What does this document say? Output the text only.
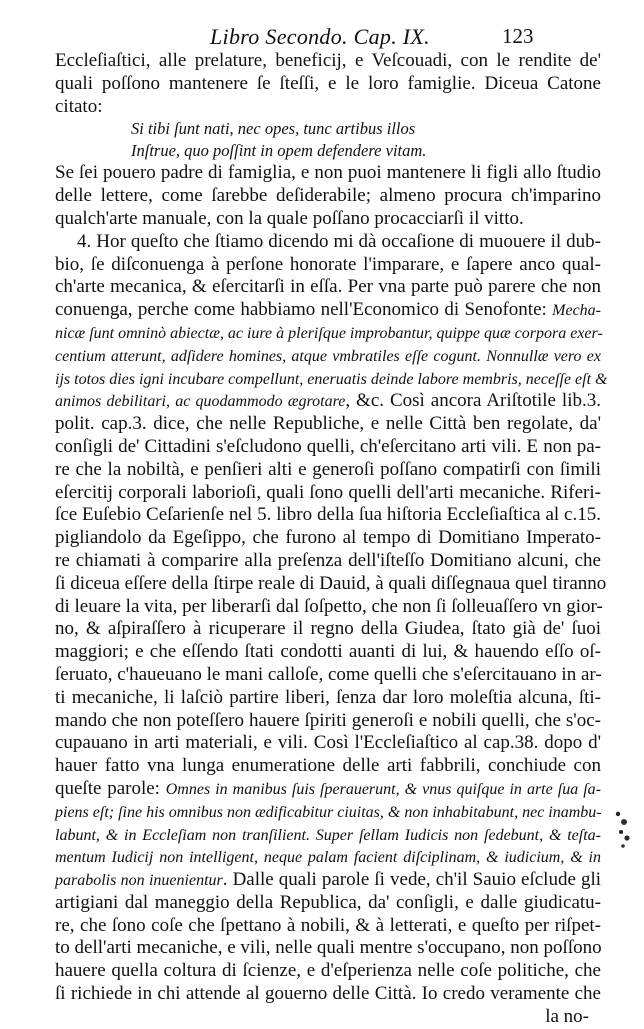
Libro Secondo. Cap. IX.	123
Eccleſiaſtici, alle prelature, beneficij, e Veſcouadi, con le rendite de'
quali poſſono mantenere ſe ſteſſi, e le loro famiglie. Diceua Catone
citato:
Si tibi ſunt nati, nec opes, tunc artibus illos
Inſtrue, quo poſſint in opem defendere vitam.
Se ſei pouero padre di famiglia, e non puoi mantenere li figli allo ſtudio
delle lettere, come ſarebbe deſiderabile; almeno procura ch'imparino
qualch'arte manuale, con la quale poſſano procacciarſi il vitto.
4. Hor queſto che ſtiamo dicendo mi dà occaſione di muouere il dub-
bio, ſe diſconuenga à perſone honorate l'imparare, e ſapere anco qual-
ch'arte mecanica, & eſercitarſi in eſſa. Per vna parte può parere che non
conuenga, perche come habbiamo nell'Economico di Senofonte: Mecha-
nicæ ſunt omninò abiectæ, ac iure à pleriſque improbantur, quippe quæ corpora exer-
centium atterunt, adſidere homines, atque vmbratiles eſſe cogunt. Nonnullæ vero ex
ijs totos dies igni incubare compellunt, eneruatis deinde labore membris, neceſſe eſt &
animos debilitari, ac quodammodo ægrotare, &c. Così ancora Ariſtotile lib.3.
polit. cap.3. dice, che nelle Republiche, e nelle Città ben regolate, da'
conſigli de' Cittadini s'eſcludono quelli, ch'eſercitano arti vili. E non pa-
re che la nobiltà, e penſieri alti e generoſi poſſano compatirſi con ſimili
eſercitij corporali laborioſi, quali ſono quelli dell'arti mecaniche. Riferi-
ſce Euſebio Ceſarienſe nel 5. libro della ſua hiſtoria Eccleſiaſtica al c.15.
pigliandolo da Egeſippo, che furono al tempo di Domitiano Imperato-
re chiamati à comparire alla preſenza dell'iſteſſo Domitiano alcuni, che
ſi diceua eſſere della ſtirpe reale di Dauid, à quali diſſegnaua quel tiranno
di leuare la vita, per liberarſi dal ſoſpetto, che non ſi ſolleuaſſero vn gior-
no, & aſpiraſſero à ricuperare il regno della Giudea, ſtato già de' ſuoi
maggiori; e che eſſendo ſtati condotti auanti di lui, & hauendo eſſo oſ-
ſeruato, c'haueuano le mani calloſe, come quelli che s'eſercitauano in ar-
ti mecaniche, li laſciò partire liberi, ſenza dar loro moleſtia alcuna, ſti-
mando che non poteſſero hauere ſpiriti generoſi e nobili quelli, che s'oc-
cupauano in arti materiali, e vili. Così l'Eccleſiaſtico al cap.38. dopo d'
hauer fatto vna lunga enumeratione delle arti fabbrili, conchiude con
queſte parole: Omnes in manibus ſuis ſperauerunt, & vnus quiſque in arte ſua ſa-
piens eſt; ſine his omnibus non ædificabitur ciuitas, & non inhabitabunt, nec inambu-
labunt, & in Eccleſiam non tranſilient. Super ſellam Iudicis non ſedebunt, & teſta-
mentum Iudicij non intelligent, neque palam facient diſciplinam, & iudicium, & in
parabolis non inuenientur. Dalle quali parole ſi vede, ch'il Sauio eſclude gli
artigiani dal maneggio della Republica, da' conſigli, e dalle giudicatu-
re, che ſono coſe che ſpettano à nobili, & à letterati, e queſto per riſpet-
to dell'arti mecaniche, e vili, nelle quali mentre s'occupano, non poſſono
hauere quella coltura di ſcienze, e d'eſperienza nelle coſe politiche, che
ſi richiede in chi attende al gouerno delle Città. Io credo veramente che
la no-
